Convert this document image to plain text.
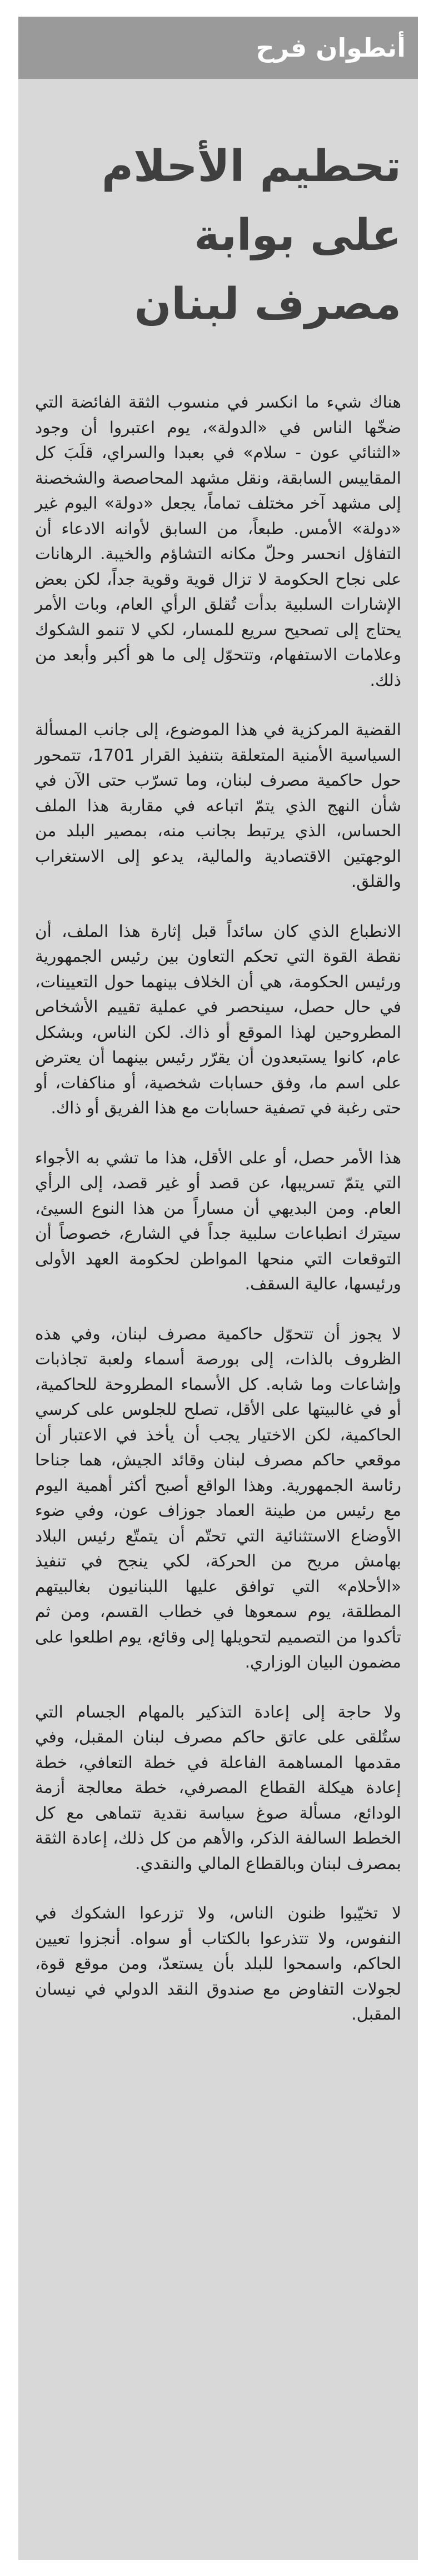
أنطوان فرح
تحطيم الأحلام على بوابة مصرف لبنان

هناك شيء ما انكسر في منسوب الثقة الفائضة التي ضخّها الناس في «الدولة»، يوم اعتبروا أن وجود «الثنائي عون - سلام» في بعبدا والسراي، قلَبَ كل المقاييس السابقة، ونقل مشهد المحاصصة والشخصنة إلى مشهد آخر مختلف تماماً، يجعل «دولة» اليوم غير «دولة» الأمس. طبعاً، من السابق لأوانه الادعاء أن التفاؤل انحسر وحلّ مكانه التشاؤم والخيبة. الرهانات على نجاح الحكومة لا تزال قوية وقوية جداً، لكن بعض الإشارات السلبية بدأت تُقلق الرأي العام، وبات الأمر يحتاج إلى تصحيح سريع للمسار، لكي لا تنمو الشكوك وعلامات الاستفهام، وتتحوّل إلى ما هو أكبر وأبعد من ذلك.

القضية المركزية في هذا الموضوع، إلى جانب المسألة السياسية الأمنية المتعلقة بتنفيذ القرار 1701، تتمحور حول حاكمية مصرف لبنان، وما تسرّب حتى الآن في شأن النهج الذي يتمّ اتباعه في مقاربة هذا الملف الحساس، الذي يرتبط بجانب منه، بمصير البلد من الوجهتين الاقتصادية والمالية، يدعو إلى الاستغراب والقلق.

الانطباع الذي كان سائداً قبل إثارة هذا الملف، أن نقطة القوة التي تحكم التعاون بين رئيس الجمهورية ورئيس الحكومة، هي أن الخلاف بينهما حول التعيينات، في حال حصل، سينحصر في عملية تقييم الأشخاص المطروحين لهذا الموقع أو ذاك. لكن الناس، وبشكل عام، كانوا يستبعدون أن يقرّر رئيس بينهما أن يعترض على اسم ما، وفق حسابات شخصية، أو مناكفات، أو حتى رغبة في تصفية حسابات مع هذا الفريق أو ذاك.

هذا الأمر حصل، أو على الأقل، هذا ما تشي به الأجواء التي يتمّ تسريبها، عن قصد أو غير قصد، إلى الرأي العام. ومن البديهي أن مساراً من هذا النوع السيئ، سيترك انطباعات سلبية جداً في الشارع، خصوصاً أن التوقعات التي منحها المواطن لحكومة العهد الأولى ورئيسها، عالية السقف.

لا يجوز أن تتحوّل حاكمية مصرف لبنان، وفي هذه الظروف بالذات، إلى بورصة أسماء ولعبة تجاذبات وإشاعات وما شابه. كل الأسماء المطروحة للحاكمية، أو في غالبيتها على الأقل، تصلح للجلوس على كرسي الحاكمية، لكن الاختيار يجب أن يأخذ في الاعتبار أن موقعي حاكم مصرف لبنان وقائد الجيش، هما جناحا رئاسة الجمهورية. وهذا الواقع أصبح أكثر أهمية اليوم مع رئيس من طينة العماد جوزاف عون، وفي ضوء الأوضاع الاستثنائية التي تحتّم أن يتمتّع رئيس البلاد بهامش مريح من الحركة، لكي ينجح في تنفيذ «الأحلام» التي توافق عليها اللبنانيون بغالبيتهم المطلقة، يوم سمعوها في خطاب القسم، ومن ثم تأكدوا من التصميم لتحويلها إلى وقائع، يوم اطلعوا على مضمون البيان الوزاري.

ولا حاجة إلى إعادة التذكير بالمهام الجسام التي ستُلقى على عاتق حاكم مصرف لبنان المقبل، وفي مقدمها المساهمة الفاعلة في خطة التعافي، خطة إعادة هيكلة القطاع المصرفي، خطة معالجة أزمة الودائع، مسألة صوغ سياسة نقدية تتماهى مع كل الخطط السالفة الذكر، والأهم من كل ذلك، إعادة الثقة بمصرف لبنان وبالقطاع المالي والنقدي.

لا تخيّبوا ظنون الناس، ولا تزرعوا الشكوك في النفوس، ولا تتذرعوا بالكتاب أو سواه. أنجزوا تعيين الحاكم، واسمحوا للبلد بأن يستعدّ، ومن موقع قوة، لجولات التفاوض مع صندوق النقد الدولي في نيسان المقبل.
